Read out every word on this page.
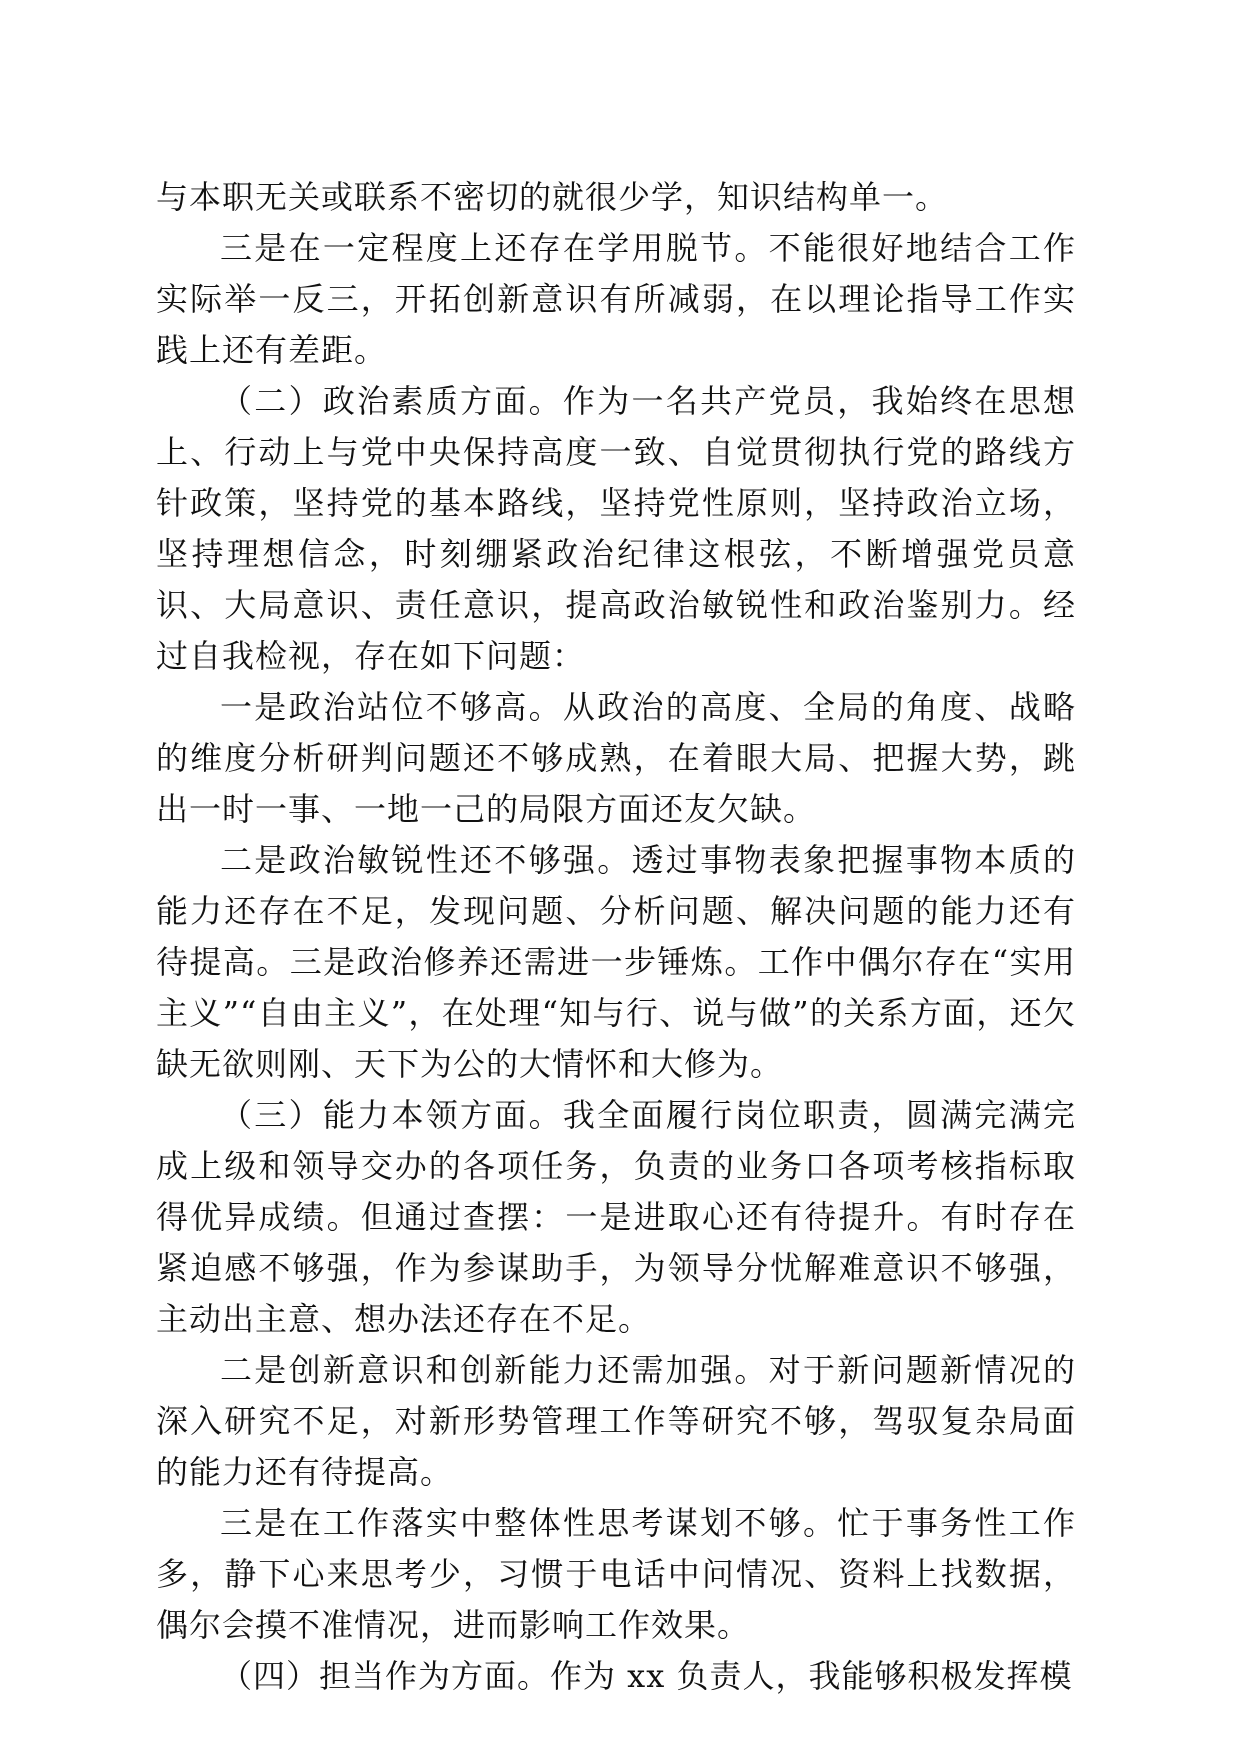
与本职无关或联系不密切的就很少学，知识结构单一。

三是在一定程度上还存在学用脱节。不能很好地结合工作实际举一反三，开拓创新意识有所减弱，在以理论指导工作实践上还有差距。

（二）政治素质方面。作为一名共产党员，我始终在思想上、行动上与党中央保持高度一致、自觉贯彻执行党的路线方针政策，坚持党的基本路线，坚持党性原则，坚持政治立场，坚持理想信念，时刻绷紧政治纪律这根弦，不断增强党员意识、大局意识、责任意识，提高政治敏锐性和政治鉴别力。经过自我检视，存在如下问题：

一是政治站位不够高。从政治的高度、全局的角度、战略的维度分析研判问题还不够成熟，在着眼大局、把握大势，跳出一时一事、一地一己的局限方面还友欠缺。

二是政治敏锐性还不够强。透过事物表象把握事物本质的能力还存在不足，发现问题、分析问题、解决问题的能力还有待提高。三是政治修养还需进一步锤炼。工作中偶尔存在“实用主义”“自由主义”，在处理“知与行、说与做”的关系方面，还欠缺无欲则刚、天下为公的大情怀和大修为。

（三）能力本领方面。我全面履行岗位职责，圆满完满完成上级和领导交办的各项任务，负责的业务口各项考核指标取得优异成绩。但通过查摆：一是进取心还有待提升。有时存在紧迫感不够强，作为参谋助手，为领导分忧解难意识不够强，主动出主意、想办法还存在不足。

二是创新意识和创新能力还需加强。对于新问题新情况的深入研究不足，对新形势管理工作等研究不够，驾驭复杂局面的能力还有待提高。

三是在工作落实中整体性思考谋划不够。忙于事务性工作多，静下心来思考少，习惯于电话中问情况、资料上找数据，偶尔会摸不准情况，进而影响工作效果。

（四）担当作为方面。作为 xx 负责人，我能够积极发挥模
